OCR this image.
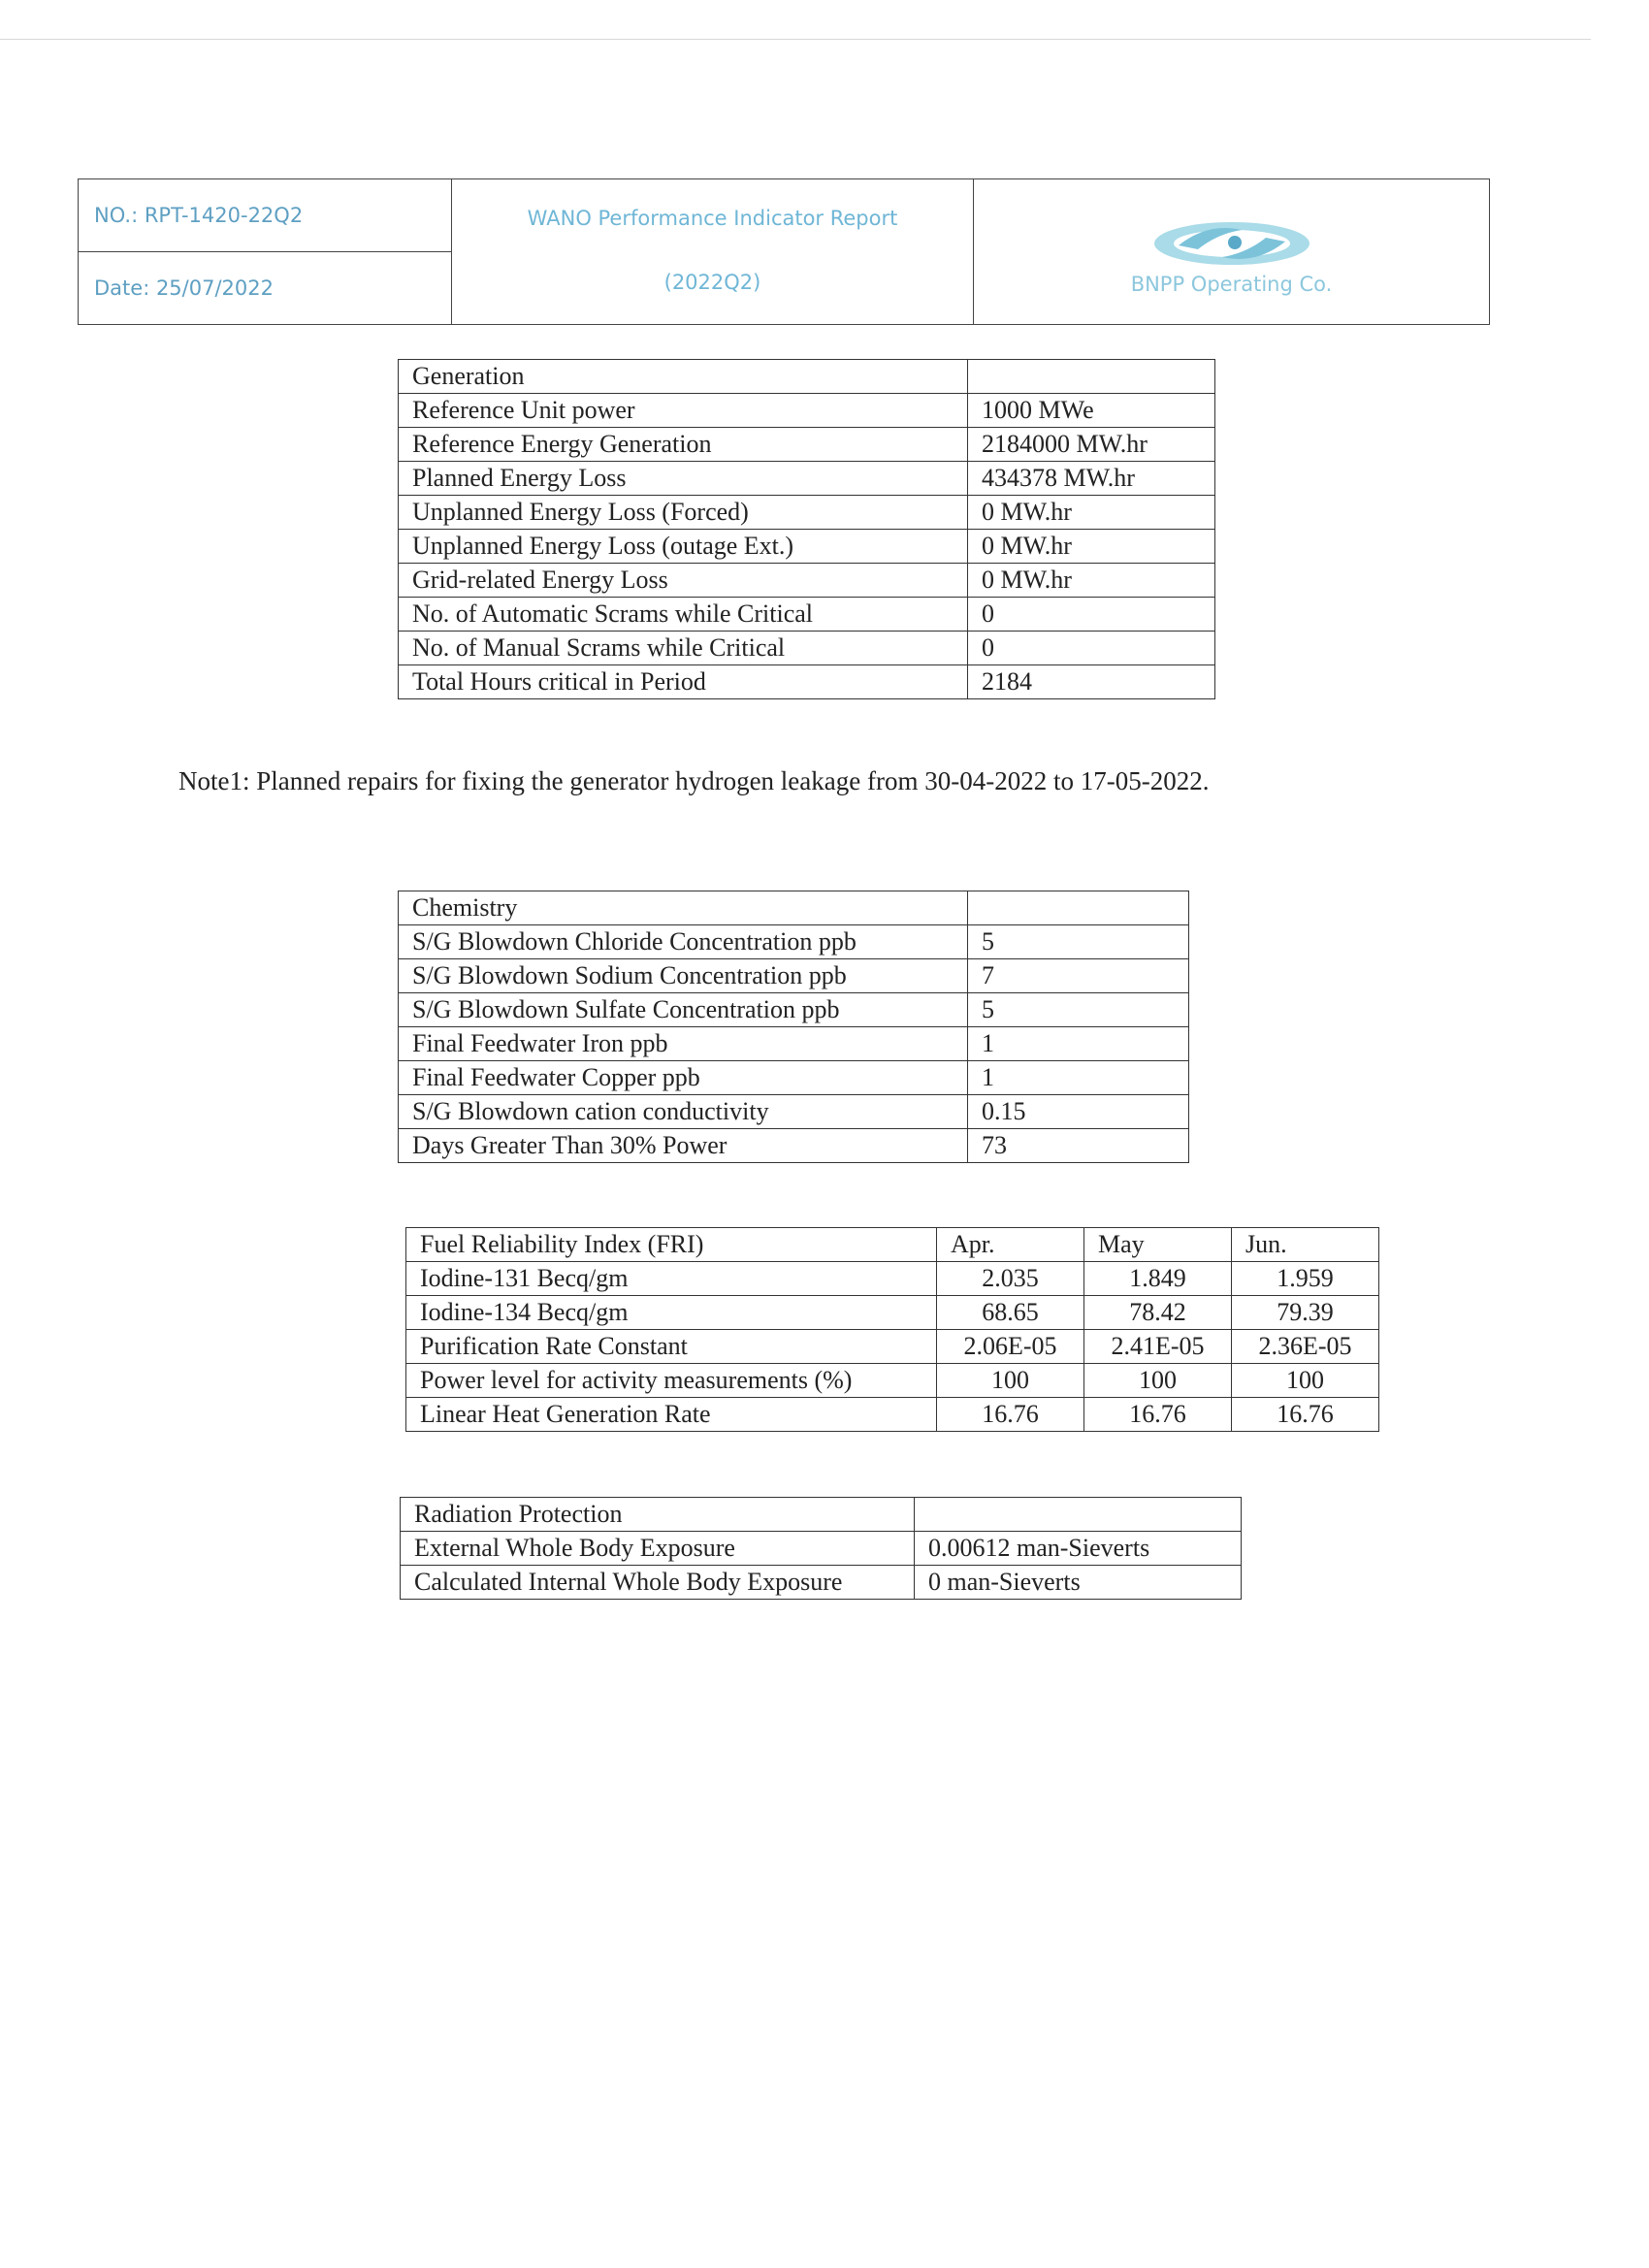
NO.: RPT-1420-22Q2	WANO Performance Indicator Report
(2022Q2)	BNPP Operating Co.

Date: 25/07/2022
Generation	
Reference Unit power	1000 MWe
Reference Energy Generation	2184000 MW.hr
Planned Energy Loss	434378 MW.hr
Unplanned Energy Loss (Forced)	0 MW.hr
Unplanned Energy Loss (outage Ext.)	0 MW.hr
Grid-related Energy Loss	0 MW.hr
No. of Automatic Scrams while Critical	0
No. of Manual Scrams while Critical	0
Total Hours critical in Period	2184
Note1: Planned repairs for fixing the generator hydrogen leakage from 30-04-2022 to 17-05-2022.
Chemistry	
S/G Blowdown Chloride Concentration ppb	5
S/G Blowdown Sodium Concentration ppb	7
S/G Blowdown Sulfate Concentration ppb	5
Final Feedwater Iron ppb	1
Final Feedwater Copper ppb	1
S/G Blowdown cation conductivity	0.15
Days Greater Than 30% Power	73
Fuel Reliability Index (FRI)	Apr.	May	Jun.
Iodine-131 Becq/gm	2.035	1.849	1.959
Iodine-134 Becq/gm	68.65	78.42	79.39
Purification Rate Constant	2.06E-05	2.41E-05	2.36E-05
Power level for activity measurements (%)	100	100	100
Linear Heat Generation Rate	16.76	16.76	16.76
Radiation Protection	
External Whole Body Exposure	0.00612 man-Sieverts
Calculated Internal Whole Body Exposure	0 man-Sieverts
